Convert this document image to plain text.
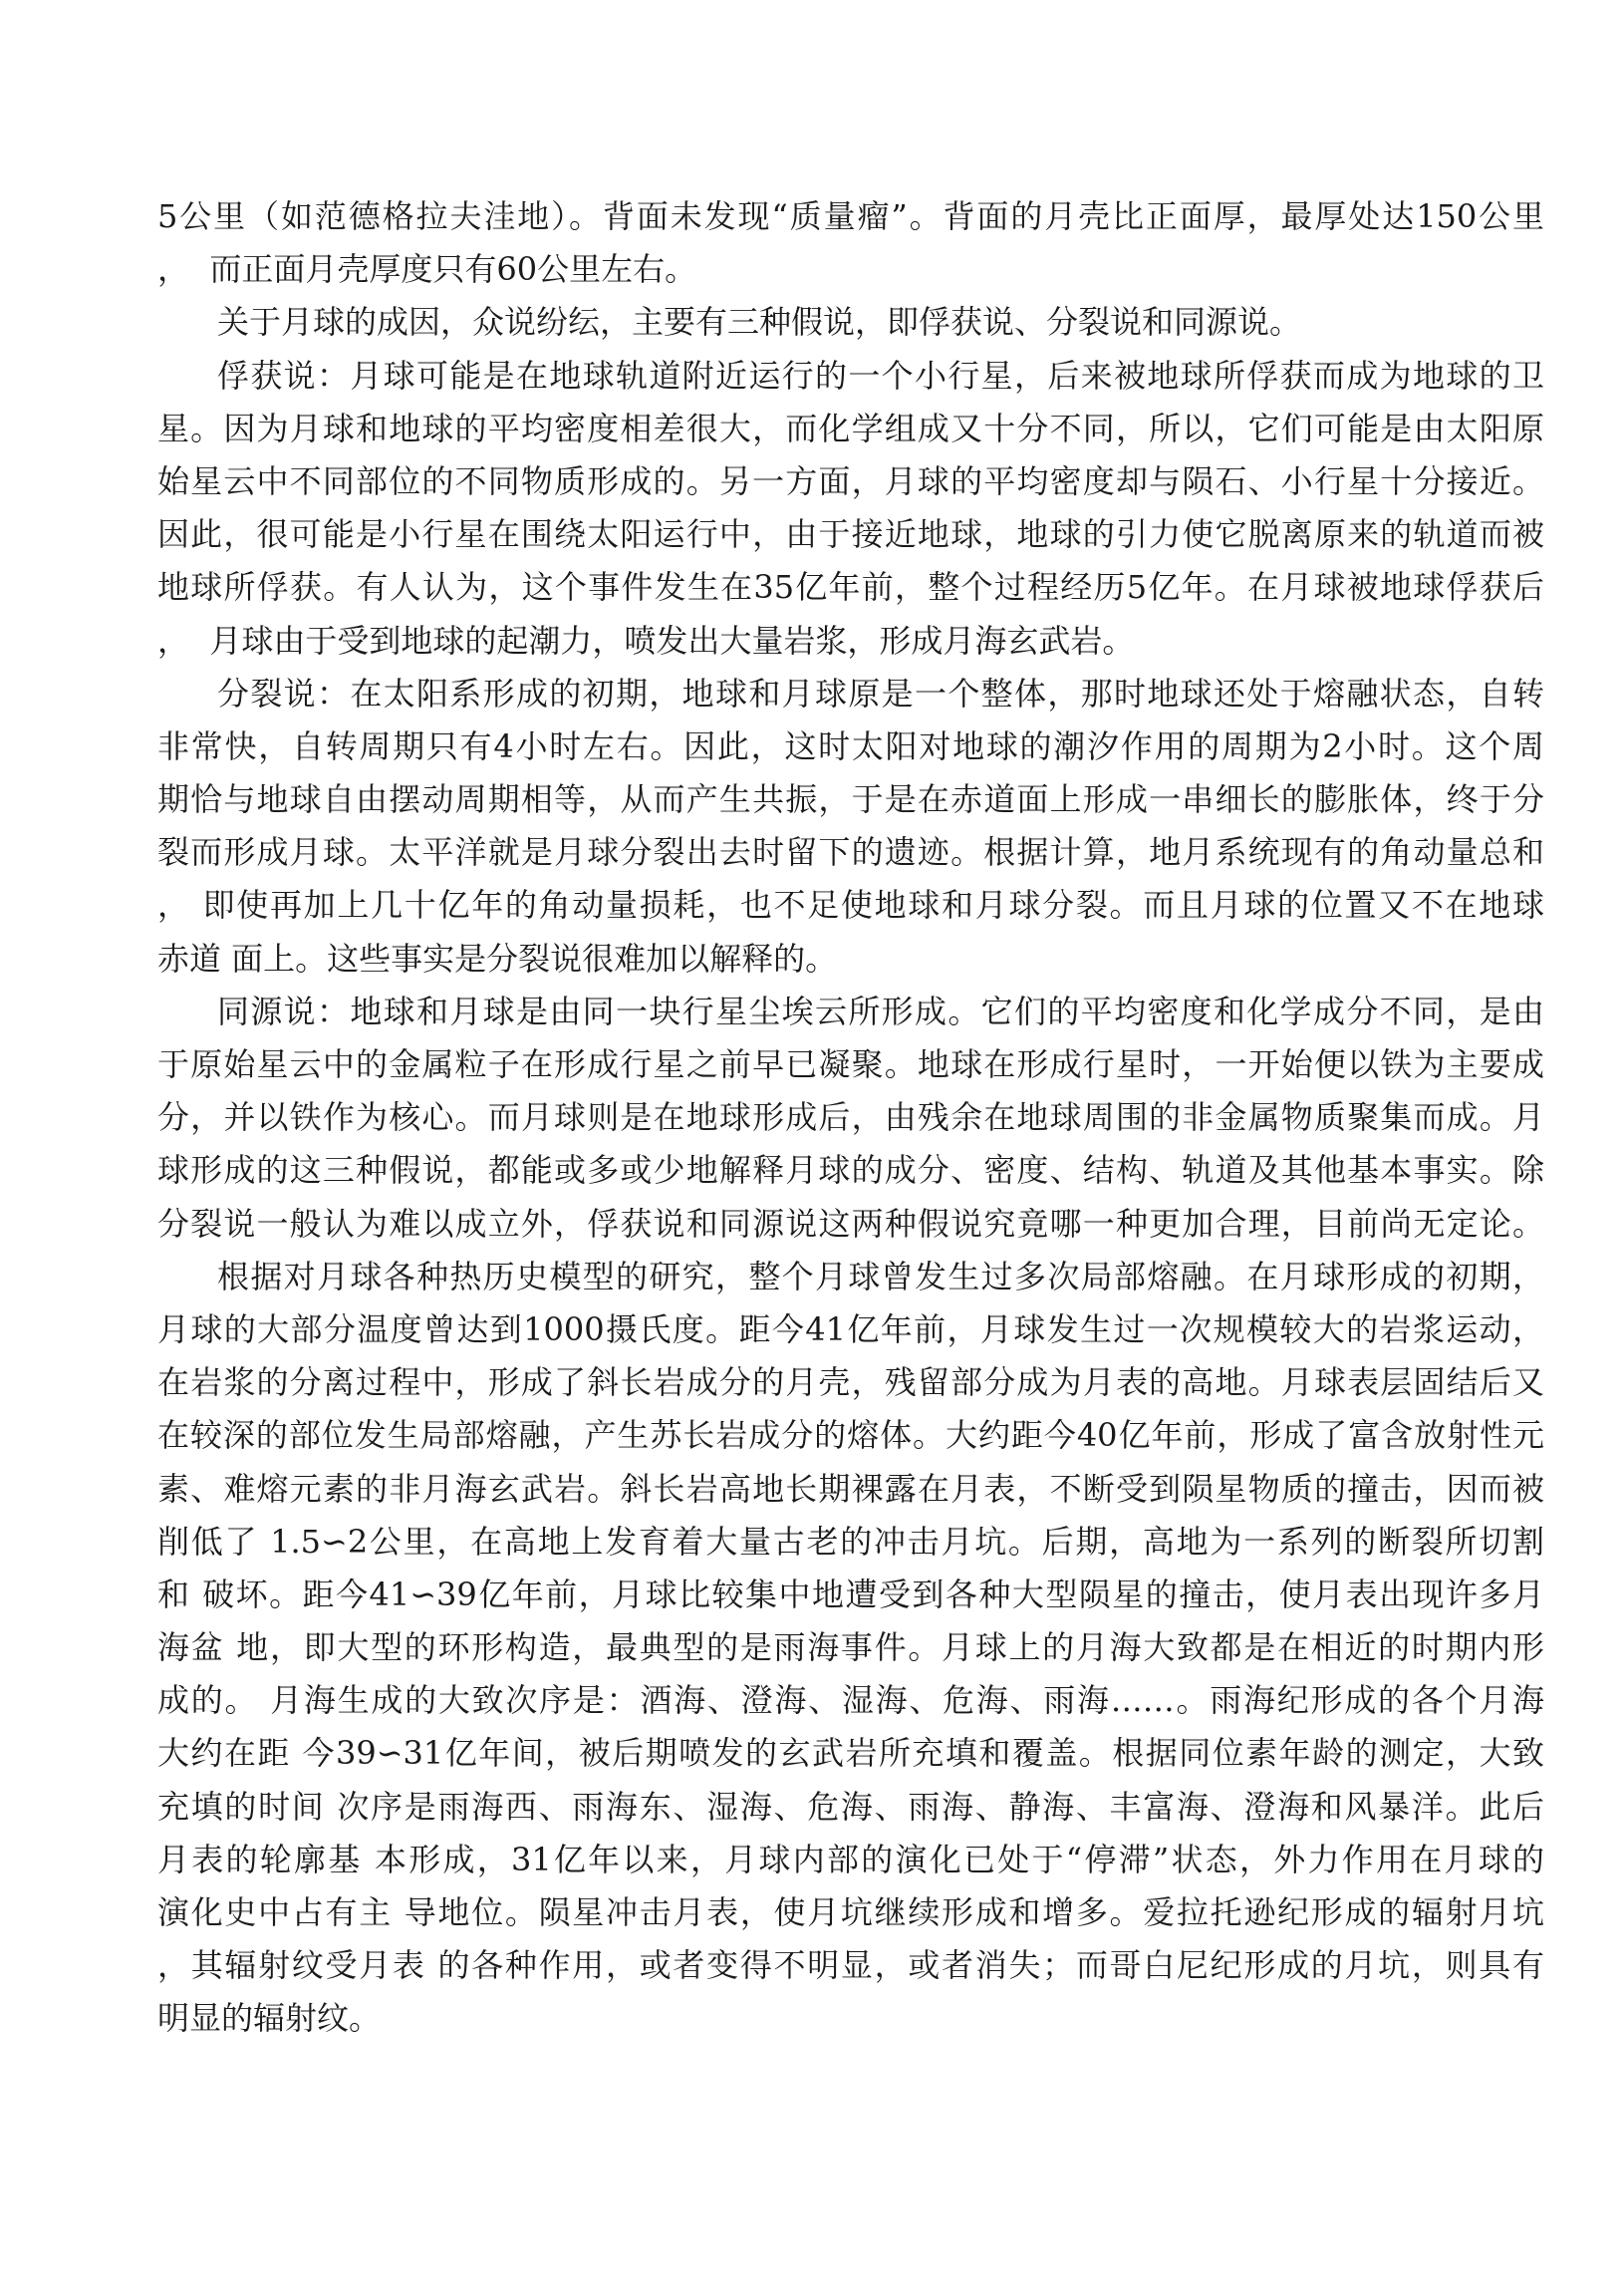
5公里（如范德格拉夫洼地）。背面未发现“质量瘤”。背面的月壳比正面厚，最厚处达150公里
，  而正面月壳厚度只有60公里左右。
关于月球的成因，众说纷纭，主要有三种假说，即俘获说、分裂说和同源说。
俘获说：月球可能是在地球轨道附近运行的一个小行星，后来被地球所俘获而成为地球的卫
星。因为月球和地球的平均密度相差很大，而化学组成又十分不同，所以，它们可能是由太阳原
始星云中不同部位的不同物质形成的。另一方面，月球的平均密度却与陨石、小行星十分接近。
因此，很可能是小行星在围绕太阳运行中，由于接近地球，地球的引力使它脱离原来的轨道而被
地球所俘获。有人认为，这个事件发生在35亿年前，整个过程经历5亿年。在月球被地球俘获后
，  月球由于受到地球的起潮力，喷发出大量岩浆，形成月海玄武岩。
分裂说：在太阳系形成的初期，地球和月球原是一个整体，那时地球还处于熔融状态，自转
非常快，自转周期只有4小时左右。因此，这时太阳对地球的潮汐作用的周期为2小时。这个周
期恰与地球自由摆动周期相等，从而产生共振，于是在赤道面上形成一串细长的膨胀体，终于分
裂而形成月球。太平洋就是月球分裂出去时留下的遗迹。根据计算，地月系统现有的角动量总和
， 即使再加上几十亿年的角动量损耗，也不足使地球和月球分裂。而且月球的位置又不在地球
赤道 面上。这些事实是分裂说很难加以解释的。
同源说：地球和月球是由同一块行星尘埃云所形成。它们的平均密度和化学成分不同，是由
于原始星云中的金属粒子在形成行星之前早已凝聚。地球在形成行星时，一开始便以铁为主要成
分，并以铁作为核心。而月球则是在地球形成后，由残余在地球周围的非金属物质聚集而成。月
球形成的这三种假说，都能或多或少地解释月球的成分、密度、结构、轨道及其他基本事实。除
分裂说一般认为难以成立外，俘获说和同源说这两种假说究竟哪一种更加合理，目前尚无定论。
根据对月球各种热历史模型的研究，整个月球曾发生过多次局部熔融。在月球形成的初期，
月球的大部分温度曾达到1000摄氏度。距今41亿年前，月球发生过一次规模较大的岩浆运动，
在岩浆的分离过程中，形成了斜长岩成分的月壳，残留部分成为月表的高地。月球表层固结后又
在较深的部位发生局部熔融，产生苏长岩成分的熔体。大约距今40亿年前，形成了富含放射性元
素、难熔元素的非月海玄武岩。斜长岩高地长期裸露在月表，不断受到陨星物质的撞击，因而被
削低了 1.5∽2公里，在高地上发育着大量古老的冲击月坑。后期，高地为一系列的断裂所切割
和 破坏。距今41∽39亿年前，月球比较集中地遭受到各种大型陨星的撞击，使月表出现许多月
海盆 地，即大型的环形构造，最典型的是雨海事件。月球上的月海大致都是在相近的时期内形
成的。 月海生成的大致次序是：酒海、澄海、湿海、危海、雨海……。雨海纪形成的各个月海
大约在距 今39∽31亿年间，被后期喷发的玄武岩所充填和覆盖。根据同位素年龄的测定，大致
充填的时间 次序是雨海西、雨海东、湿海、危海、雨海、静海、丰富海、澄海和风暴洋。此后
月表的轮廓基 本形成，31亿年以来，月球内部的演化已处于“停滞”状态，外力作用在月球的
演化史中占有主 导地位。陨星冲击月表，使月坑继续形成和增多。爱拉托逊纪形成的辐射月坑
，其辐射纹受月表 的各种作用，或者变得不明显，或者消失；而哥白尼纪形成的月坑，则具有
明显的辐射纹。
